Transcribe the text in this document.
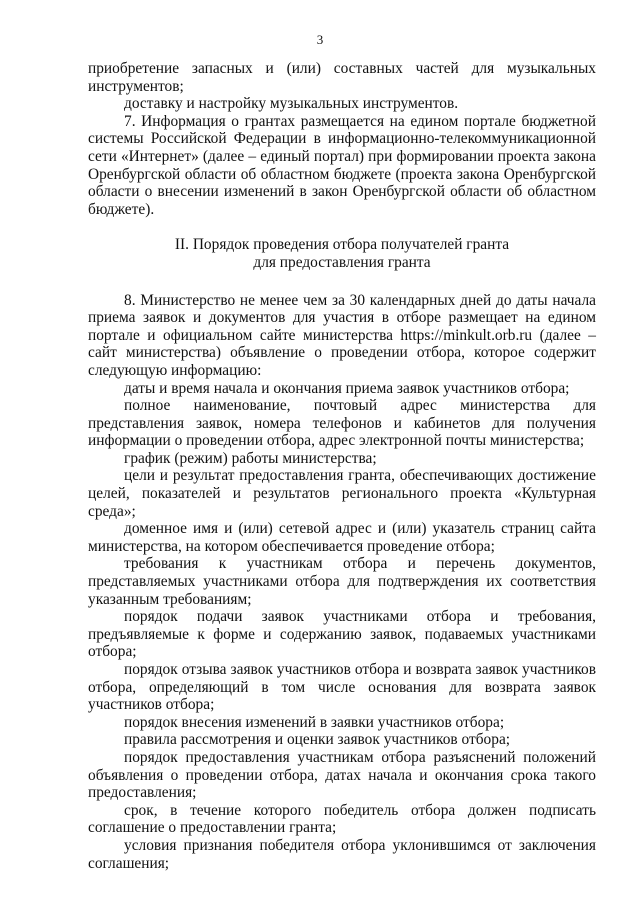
3

приобретение запасных и (или) составных частей для музыкальных инструментов;

доставку и настройку музыкальных инструментов.

7. Информация о грантах размещается на едином портале бюджетной системы Российской Федерации в информационно-телекоммуникационной сети «Интернет» (далее – единый портал) при формировании проекта закона Оренбургской области об областном бюджете (проекта закона Оренбургской области о внесении изменений в закон Оренбургской области об областном бюджете).

II. Порядок проведения отбора получателей гранта

для предоставления гранта

8. Министерство не менее чем за 30 календарных дней до даты начала приема заявок и документов для участия в отборе размещает на едином портале и официальном сайте министерства https://minkult.orb.ru (далее – сайт министерства) объявление о проведении отбора, которое содержит следующую информацию:

даты и время начала и окончания приема заявок участников отбора;

полное наименование, почтовый адрес министерства для представления заявок, номера телефонов и кабинетов для получения информации о проведении отбора, адрес электронной почты министерства;

график (режим) работы министерства;

цели и результат предоставления гранта, обеспечивающих достижение целей, показателей и результатов регионального проекта «Культурная среда»;

доменное имя и (или) сетевой адрес и (или) указатель страниц сайта министерства, на котором обеспечивается проведение отбора;

требования к участникам отбора и перечень документов, представляемых участниками отбора для подтверждения их соответствия указанным требованиям;

порядок подачи заявок участниками отбора и требования, предъявляемые к форме и содержанию заявок, подаваемых участниками отбора;

порядок отзыва заявок участников отбора и возврата заявок участников отбора, определяющий в том числе основания для возврата заявок участников отбора;

порядок внесения изменений в заявки участников отбора;

правила рассмотрения и оценки заявок участников отбора;

порядок предоставления участникам отбора разъяснений положений объявления о проведении отбора, датах начала и окончания срока такого предоставления;

срок, в течение которого победитель отбора должен подписать соглашение о предоставлении гранта;

условия признания победителя отбора уклонившимся от заключения соглашения;
